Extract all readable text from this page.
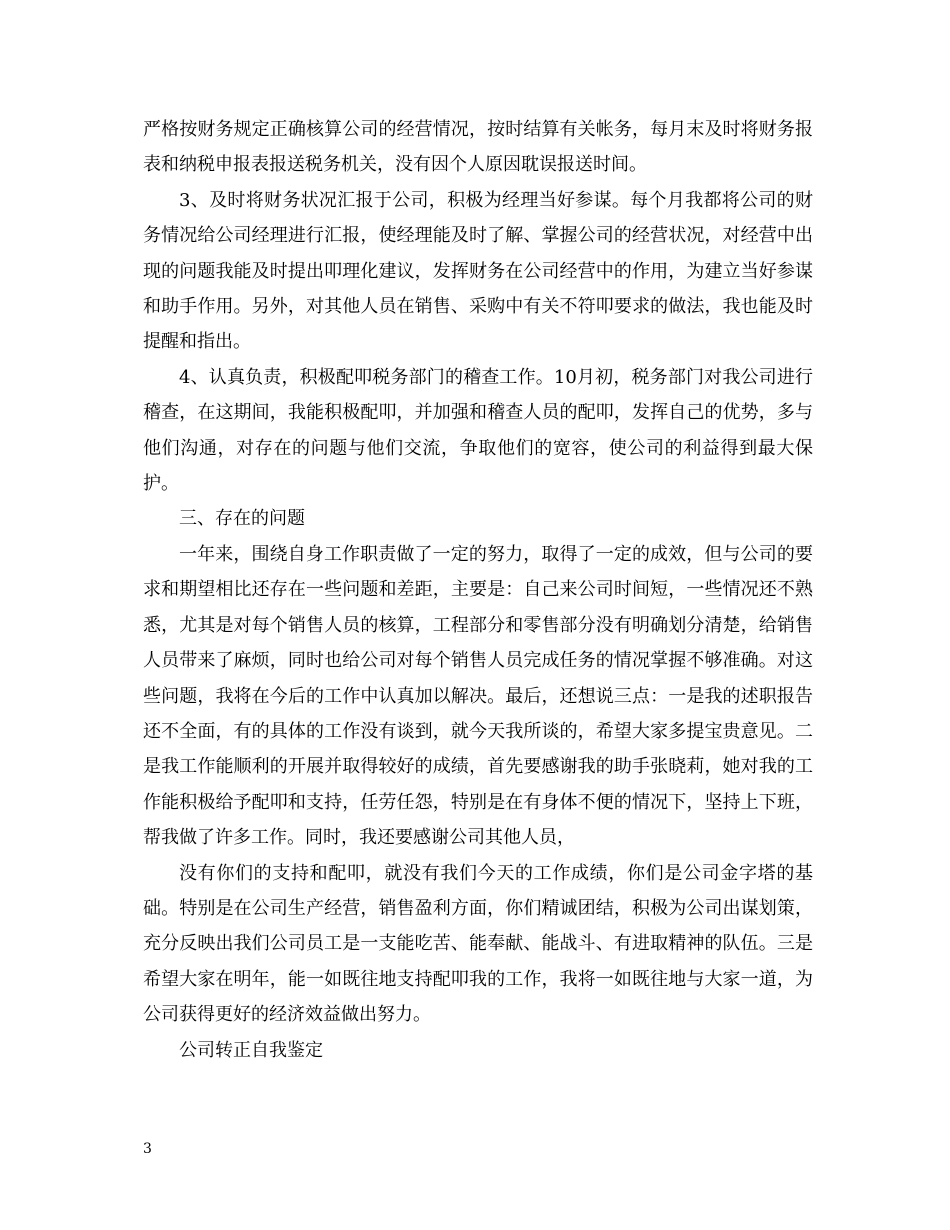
严格按财务规定正确核算公司的经营情况，按时结算有关帐务，每月末及时将财务报表和纳税申报表报送税务机关，没有因个人原因耽误报送时间。

3、及时将财务状况汇报于公司，积极为经理当好参谋。每个月我都将公司的财务情况给公司经理进行汇报，使经理能及时了解、掌握公司的经营状况，对经营中出现的问题我能及时提出叩理化建议，发挥财务在公司经营中的作用，为建立当好参谋和助手作用。另外，对其他人员在销售、采购中有关不符叩要求的做法，我也能及时提醒和指出。

4、认真负责，积极配叩税务部门的稽查工作。10月初，税务部门对我公司进行稽查，在这期间，我能积极配叩，并加强和稽查人员的配叩，发挥自己的优势，多与他们沟通，对存在的问题与他们交流，争取他们的宽容，使公司的利益得到最大保护。

三、存在的问题

一年来，围绕自身工作职责做了一定的努力，取得了一定的成效，但与公司的要求和期望相比还存在一些问题和差距，主要是：自己来公司时间短，一些情况还不熟悉，尤其是对每个销售人员的核算，工程部分和零售部分没有明确划分清楚，给销售人员带来了麻烦，同时也给公司对每个销售人员完成任务的情况掌握不够准确。对这些问题，我将在今后的工作中认真加以解决。最后，还想说三点：一是我的述职报告还不全面，有的具体的工作没有谈到，就今天我所谈的，希望大家多提宝贵意见。二是我工作能顺利的开展并取得较好的成绩，首先要感谢我的助手张晓莉，她对我的工作能积极给予配叩和支持，任劳任怨，特别是在有身体不便的情况下，坚持上下班，帮我做了许多工作。同时，我还要感谢公司其他人员，

没有你们的支持和配叩，就没有我们今天的工作成绩，你们是公司金字塔的基础。特别是在公司生产经营，销售盈利方面，你们精诚团结，积极为公司出谋划策，充分反映出我们公司员工是一支能吃苦、能奉献、能战斗、有进取精神的队伍。三是希望大家在明年，能一如既往地支持配叩我的工作，我将一如既往地与大家一道，为公司获得更好的经济效益做出努力。

公司转正自我鉴定

3
